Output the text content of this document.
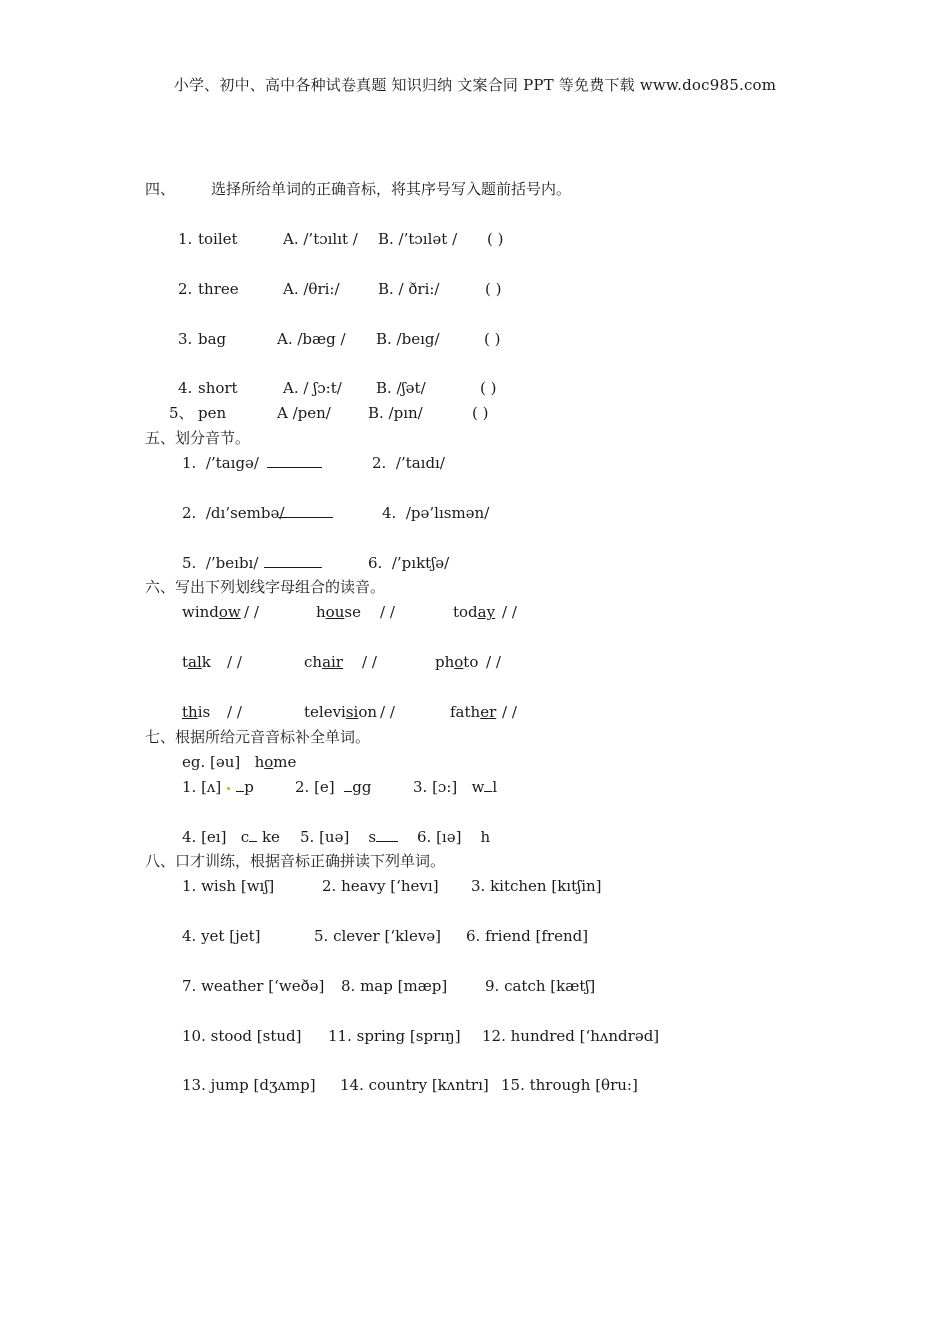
小学、初中、高中各种试卷真题 知识归纳 文案合同 PPT 等免费下载 www.doc985.com
四、 选择所给单词的正确音标，将其序号写入题前括号内。
1. toilet	A. /’tɔılıt / B. /’tɔılət / ( )
2. three	A. /θri:/	B. / ðri:/	( )
3. bag	A. /bæg / B. /beıg/	( )
4. short	A. / ʃɔ:t/ B. /ʃət/	( )
5、 pen	A /pen/ B. /pın/	( )
五、划分音节。
1. /’taıgə/	2. /’taıdı/
2. /dı’sembə/	4. /pə’lısmən/
5. /’beıbı/	6. /’pıktʃə/
六、写出下列划线字母组合的读音。
window / /	house / /	today / /
talk / /	chair / /	photo / /
this / /	television / /	father / /
七、根据所给元音音标补全单词。
eg. [əu] home
1. [ʌ] p	2. [e] gg	3. [ɔ:] w l
4. [eı] c ke 5. [uə] s	6. [ıə] h
八、口才训练，根据音标正确拼读下列单词。
1. wish [wıʃ]	2. heavy [‘hevı] 3. kitchen [kıtʃin]
4. yet [jet]	5. clever [‘klevə] 6. friend [frend]
7. weather [‘weðə] 8. map [mæp]	9. catch [kætʃ]
10. stood [stud] 11. spring [sprıŋ] 12. hundred [‘hʌndrəd]
13. jump [dʒʌmp] 14. country [kʌntrı] 15. through [θru:]
